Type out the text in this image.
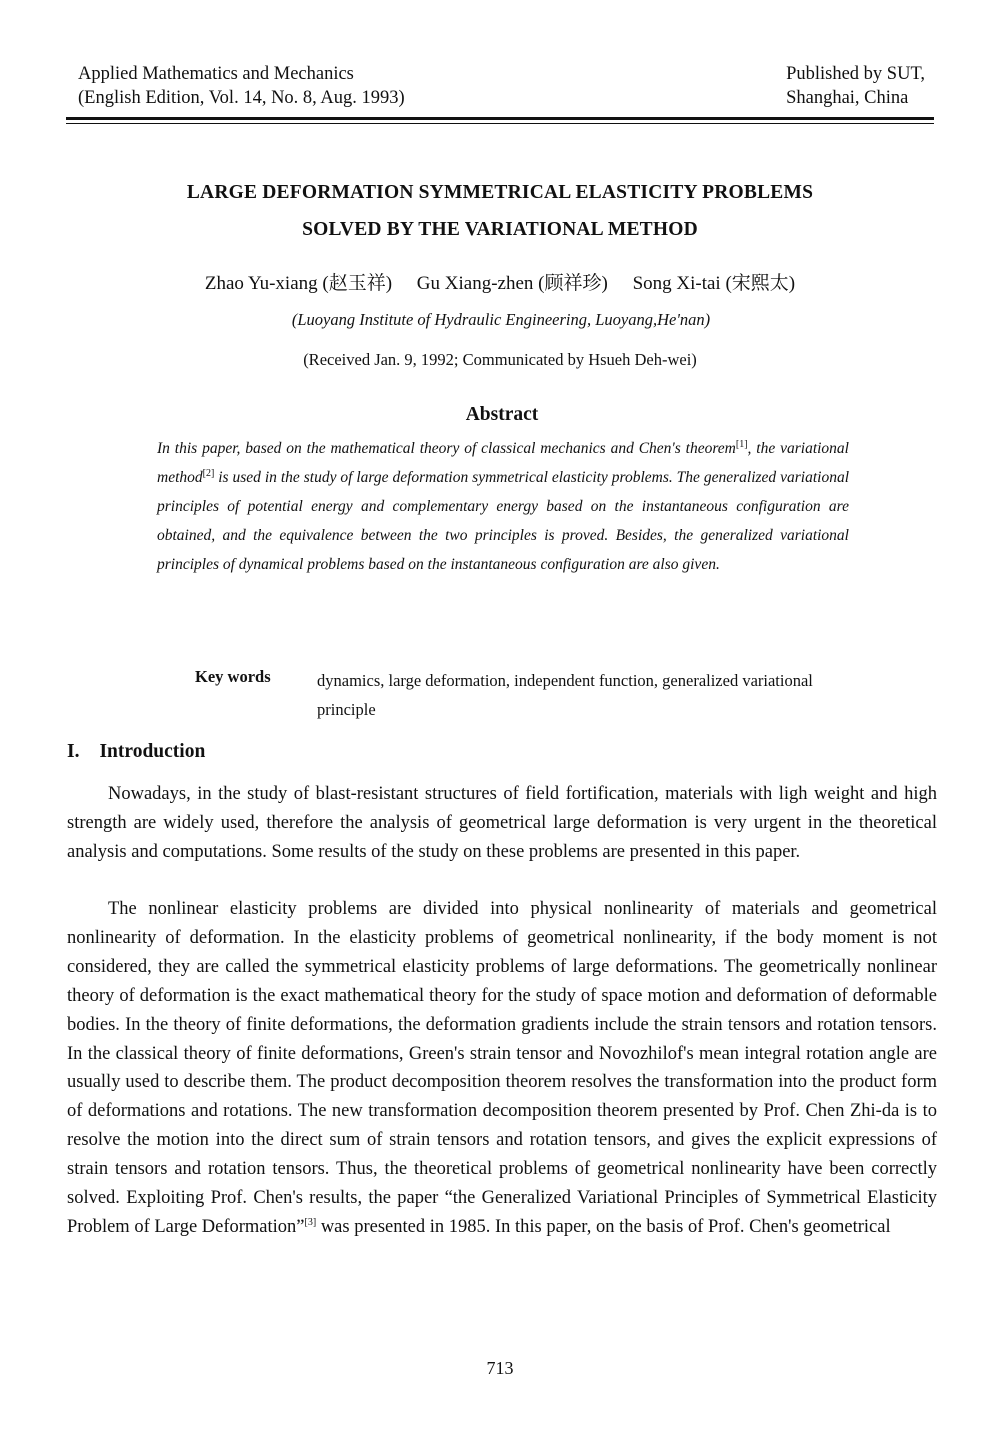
Applied Mathematics and Mechanics
(English Edition, Vol. 14, No. 8, Aug. 1993)
Published by SUT,
Shanghai, China
LARGE DEFORMATION SYMMETRICAL ELASTICITY PROBLEMS
SOLVED BY THE VARIATIONAL METHOD
Zhao Yu-xiang (赵玉祥) Gu Xiang-zhen (顾祥珍) Song Xi-tai (宋熙太)
(Luoyang Institute of Hydraulic Engineering, Luoyang,He'nan)
(Received Jan. 9, 1992; Communicated by Hsueh Deh-wei)
Abstract
In this paper, based on the mathematical theory of classical mechanics and Chen's theorem[1], the variational method[2] is used in the study of large deformation symmetrical elasticity problems. The generalized variational principles of potential energy and complementary energy based on the instantaneous configuration are obtained, and the equivalence between the two principles is proved. Besides, the generalized variational principles of dynamical problems based on the instantaneous configuration are also given.
Key words	dynamics, large deformation, independent function, generalized variational principle
I. Introduction

Nowadays, in the study of blast-resistant structures of field fortification, materials with ligh weight and high strength are widely used, therefore the analysis of geometrical large deformation is very urgent in the theoretical analysis and computations. Some results of the study on these problems are presented in this paper.

The nonlinear elasticity problems are divided into physical nonlinearity of materials and geometrical nonlinearity of deformation. In the elasticity problems of geometrical nonlinearity, if the body moment is not considered, they are called the symmetrical elasticity problems of large deformations. The geometrically nonlinear theory of deformation is the exact mathematical theory for the study of space motion and deformation of deformable bodies. In the theory of finite deformations, the deformation gradients include the strain tensors and rotation tensors. In the classical theory of finite deformations, Green's strain tensor and Novozhilof's mean integral rotation angle are usually used to describe them. The product decomposition theorem resolves the transformation into the product form of deformations and rotations. The new transformation decomposition theorem presented by Prof. Chen Zhi-da is to resolve the motion into the direct sum of strain tensors and rotation tensors, and gives the explicit expressions of strain tensors and rotation tensors. Thus, the theoretical problems of geometrical nonlinearity have been correctly solved. Exploiting Prof. Chen's results, the paper “the Generalized Variational Principles of Symmetrical Elasticity Problem of Large Deformation”[3] was presented in 1985. In this paper, on the basis of Prof. Chen's geometrical

713
